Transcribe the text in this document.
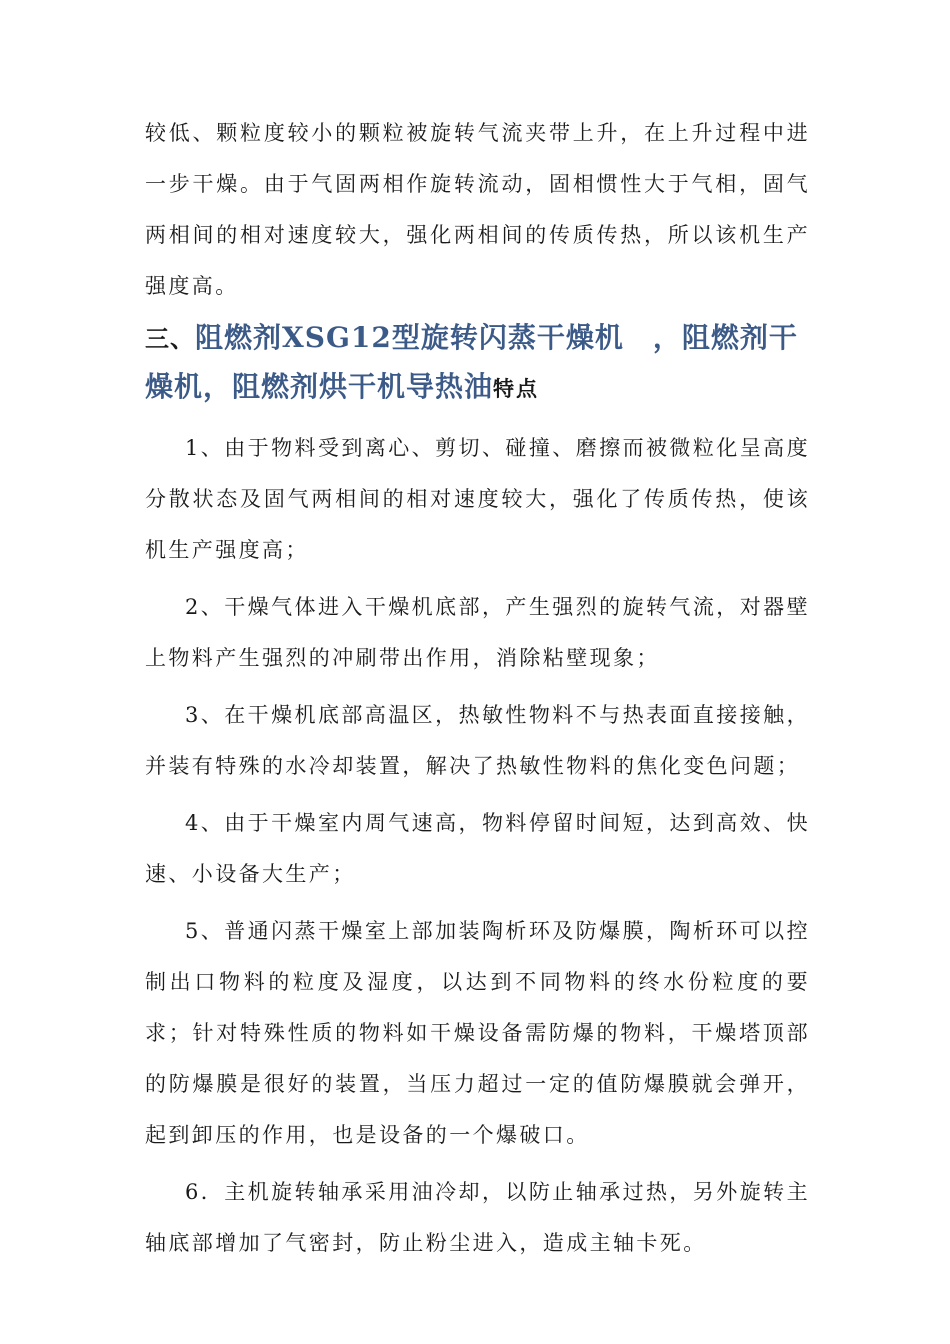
较低、颗粒度较小的颗粒被旋转气流夹带上升，在上升过程中进一步干燥。由于气固两相作旋转流动，固相惯性大于气相，固气两相间的相对速度较大，强化两相间的传质传热，所以该机生产强度高。

三、阻燃剂XSG12型旋转闪蒸干燥机　，阻燃剂干燥机，阻燃剂烘干机导热油特点

1、由于物料受到离心、剪切、碰撞、磨擦而被微粒化呈高度分散状态及固气两相间的相对速度较大，强化了传质传热，使该机生产强度高；

2、干燥气体进入干燥机底部，产生强烈的旋转气流，对器壁上物料产生强烈的冲刷带出作用，消除粘壁现象；

3、在干燥机底部高温区，热敏性物料不与热表面直接接触，并装有特殊的水冷却装置，解决了热敏性物料的焦化变色问题；

4、由于干燥室内周气速高，物料停留时间短，达到高效、快速、小设备大生产；

5、普通闪蒸干燥室上部加装陶析环及防爆膜，陶析环可以控制出口物料的粒度及湿度，以达到不同物料的终水份粒度的要求；针对特殊性质的物料如干燥设备需防爆的物料，干燥塔顶部的防爆膜是很好的装置，当压力超过一定的值防爆膜就会弹开，起到卸压的作用，也是设备的一个爆破口。

6．主机旋转轴承采用油冷却，以防止轴承过热，另外旋转主轴底部增加了气密封，防止粉尘进入，造成主轴卡死。
